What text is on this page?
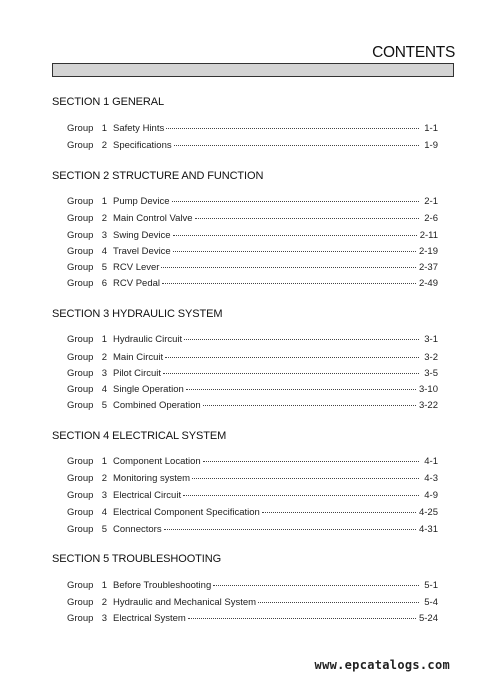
CONTENTS
SECTION 1 GENERAL
Group 1 Safety Hints	1-1
Group 2 Specifications	1-9
SECTION 2 STRUCTURE AND FUNCTION
Group 1 Pump Device	2-1
Group 2 Main Control Valve	2-6
Group 3 Swing Device	2-11
Group 4 Travel Device	2-19
Group 5 RCV Lever	2-37
Group 6 RCV Pedal	2-49
SECTION 3 HYDRAULIC SYSTEM
Group 1 Hydraulic Circuit	3-1
Group 2 Main Circuit	3-2
Group 3 Pilot Circuit	3-5
Group 4 Single Operation	3-10
Group 5 Combined Operation	3-22
SECTION 4 ELECTRICAL SYSTEM
Group 1 Component Location	4-1
Group 2 Monitoring system	4-3
Group 3 Electrical Circuit	4-9
Group 4 Electrical Component Specification	4-25
Group 5 Connectors	4-31
SECTION 5 TROUBLESHOOTING
Group 1 Before Troubleshooting	5-1
Group 2 Hydraulic and Mechanical System	5-4
Group 3 Electrical System	5-24
www.epcatalogs.com
